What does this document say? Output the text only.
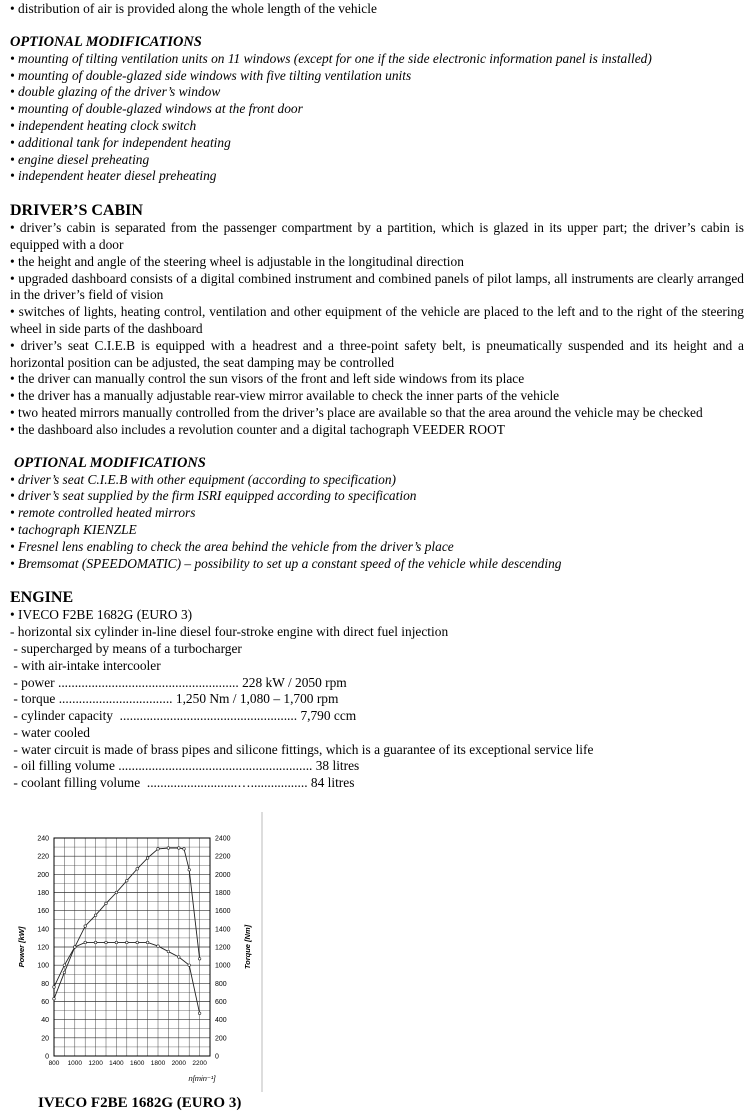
• distribution of air is provided along the whole length of the vehicle

OPTIONAL MODIFICATIONS

• mounting of tilting ventilation units on 11 windows (except for one if the side electronic information panel is installed)

• mounting of double-glazed side windows with five tilting ventilation units

• double glazing of the driver’s window

• mounting of double-glazed windows at the front door

• independent heating clock switch

• additional tank for independent heating

• engine diesel preheating

• independent heater diesel preheating

DRIVER’S CABIN

• driver’s cabin is separated from the passenger compartment by a partition, which is glazed in its upper part; the driver’s cabin is equipped with a door

• the height and angle of the steering wheel is adjustable in the longitudinal direction

• upgraded dashboard consists of a digital combined instrument and combined panels of pilot lamps, all instruments are clearly arranged in the driver’s field of vision

• switches of lights, heating control, ventilation and other equipment of the vehicle are placed to the left and to the right of the steering wheel in side parts of the dashboard

• driver’s seat C.I.E.B is equipped with a headrest and a three-point safety belt, is pneumatically suspended and its height and a horizontal position can be adjusted, the seat damping may be controlled

• the driver can manually control the sun visors of the front and left side windows from its place

• the driver has a manually adjustable rear-view mirror available to check the inner parts of the vehicle

• two heated mirrors manually controlled from the driver’s place are available so that the area around the vehicle may be checked

• the dashboard also includes a revolution counter and a digital tachograph VEEDER ROOT

OPTIONAL MODIFICATIONS

• driver’s seat C.I.E.B with other equipment (according to specification)

• driver’s seat supplied by the firm ISRI equipped according to specification

• remote controlled heated mirrors

• tachograph KIENZLE

• Fresnel lens enabling to check the area behind the vehicle from the driver’s place

• Bremsomat (SPEEDOMATIC) – possibility to set up a constant speed of the vehicle while descending

ENGINE

• IVECO F2BE 1682G (EURO 3)

- horizontal six cylinder in-line diesel four-stroke engine with direct fuel injection

- supercharged by means of a turbocharger

- with air-intake intercooler

- power ...................................................... 228 kW / 2050 rpm

- torque .................................. 1,250 Nm / 1,080 – 1,700 rpm

- cylinder capacity  ..................................................... 7,790 ccm

- water cooled

- water circuit is made of brass pipes and silicone fittings, which is a guarantee of its exceptional service life

- oil filling volume .......................................................... 38 litres

- coolant filling volume  ...........................…................. 84 litres

0
20
40
60
80
100
120
140
160
180
200
220
240
0
200
400
600
800
1000
1200
1400
1600
1800
2000
2200
2400
800 1000 1200 1400 1600 1800 2000 2200
Power [kW]	Torque [Nm]
n[min⁻¹]

IVECO F2BE 1682G (EURO 3)
